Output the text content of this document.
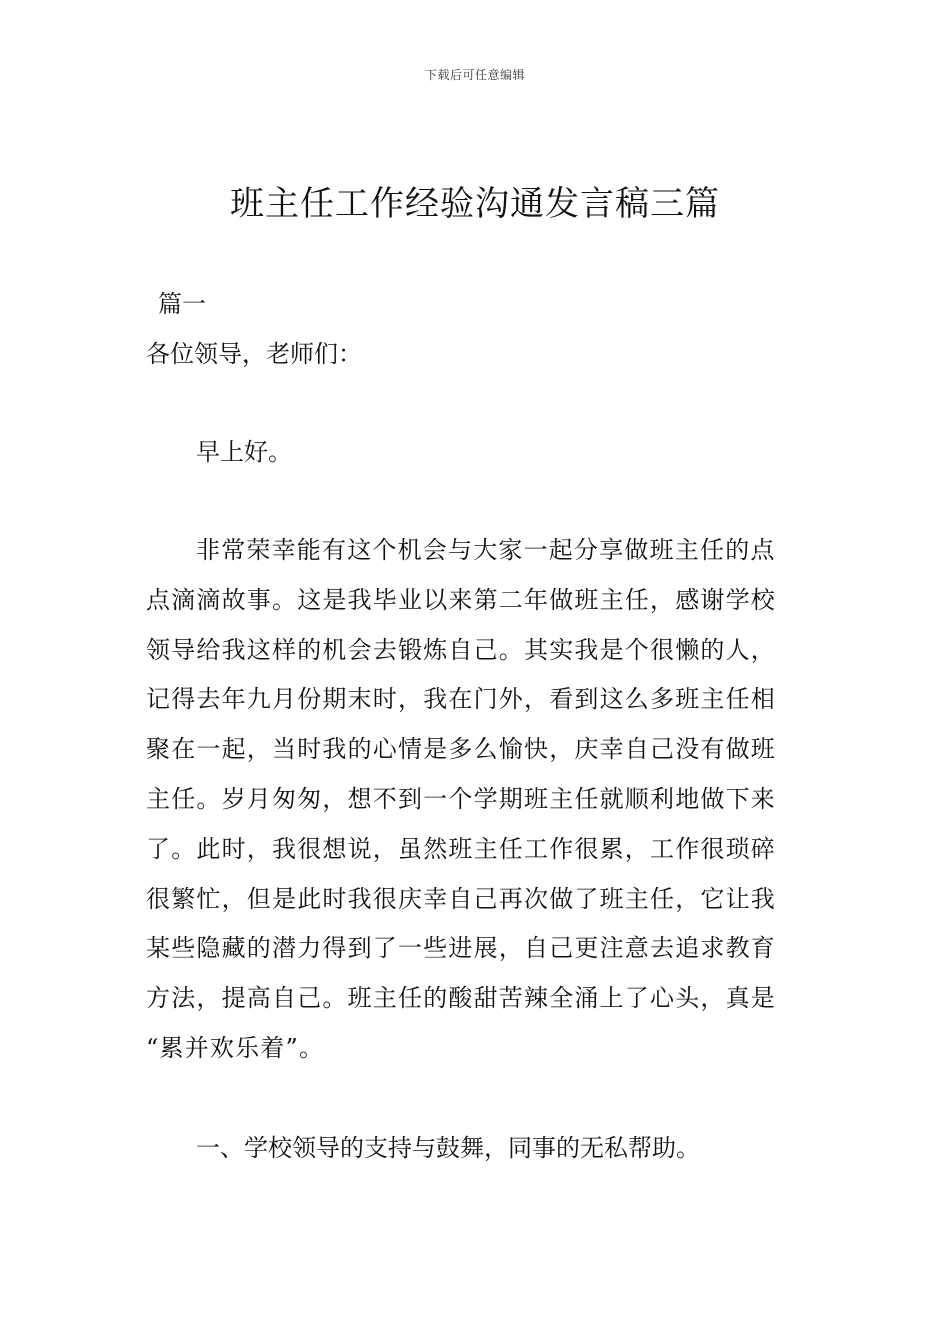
下载后可任意编辑
班主任工作经验沟通发言稿三篇

篇一

各位领导，老师们：

早上好。

非常荣幸能有这个机会与大家一起分享做班主任的点
点滴滴故事。这是我毕业以来第二年做班主任，感谢学校
领导给我这样的机会去锻炼自己。其实我是个很懒的人，
记得去年九月份期末时，我在门外，看到这么多班主任相
聚在一起，当时我的心情是多么愉快，庆幸自己没有做班
主任。岁月匆匆，想不到一个学期班主任就顺利地做下来
了。此时，我很想说，虽然班主任工作很累，工作很琐碎
很繁忙，但是此时我很庆幸自己再次做了班主任，它让我
某些隐藏的潜力得到了一些进展，自己更注意去追求教育
方法，提高自己。班主任的酸甜苦辣全涌上了心头，真是
“累并欢乐着”。

一、学校领导的支持与鼓舞，同事的无私帮助。
